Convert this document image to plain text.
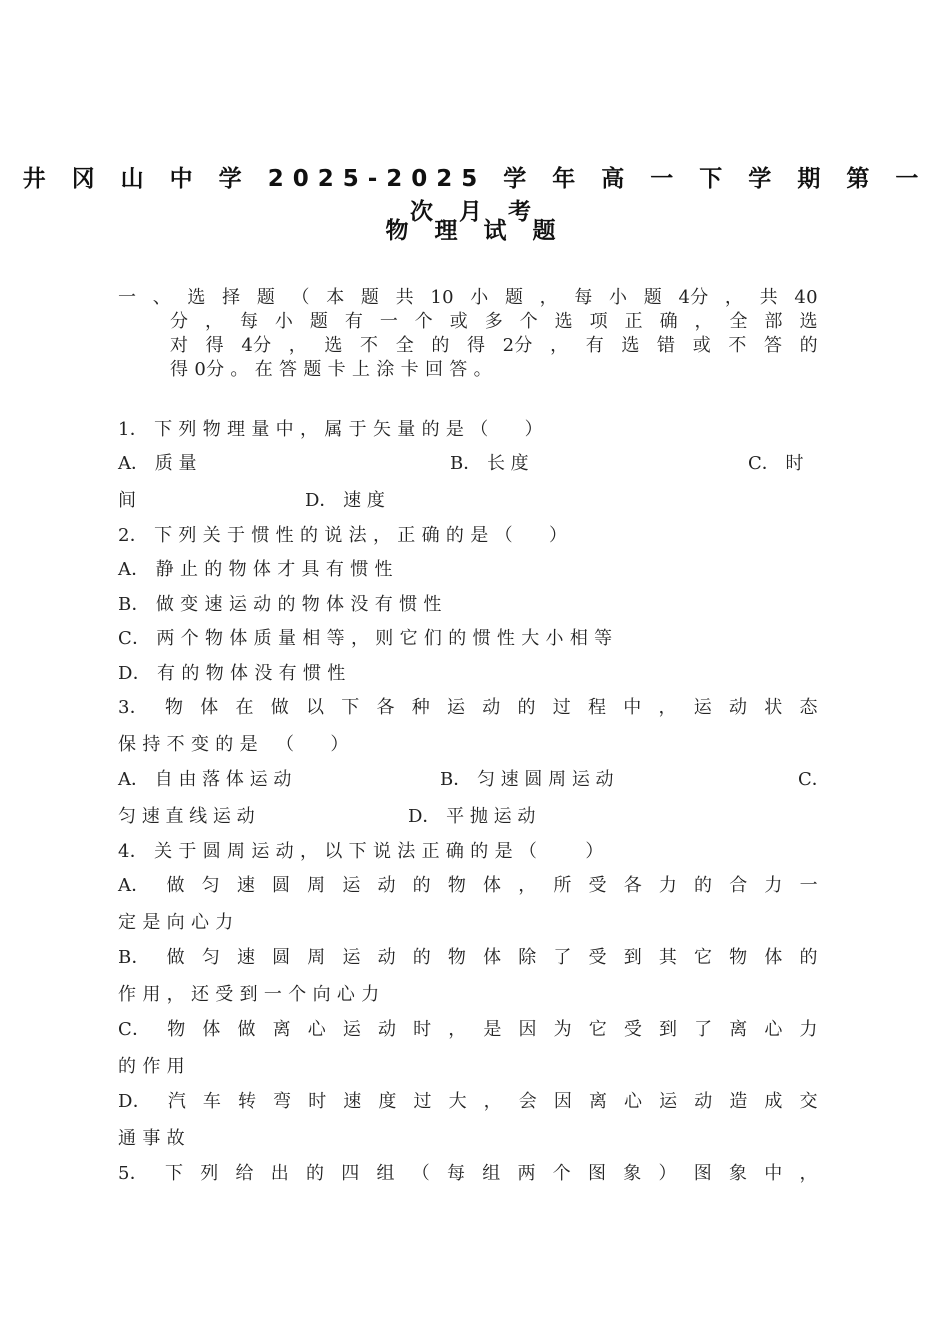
井 冈 山 中 学 2025-2025 学 年 高 一 下 学 期 第 一 次 月 考
物 理 试 题
一 、 选 择 题 （ 本 题 共 10 小 题 ， 每 小 题 4分 ， 共 40
分 ， 每 小 题 有 一 个 或 多 个 选 项 正 确 ， 全 部 选
对 得 4分 ， 选 不 全 的 得 2分 ， 有 选 错 或 不 答 的
得 0分 。 在 答 题 卡 上 涂 卡 回 答 。
1． 下 列 物 理 量 中 ， 属 于 矢 量 的 是 （      ）
A． 质 量	B． 长 度	C． 时
间	D． 速 度
2． 下 列 关 于 惯 性 的 说 法 ， 正 确 的 是 （      ）
A． 静 止 的 物 体 才 具 有 惯 性
B． 做 变 速 运 动 的 物 体 没 有 惯 性
C． 两 个 物 体 质 量 相 等 ， 则 它 们 的 惯 性 大 小 相 等
D． 有 的 物 体 没 有 惯 性
3． 物 体 在 做 以 下 各 种 运 动 的 过 程 中 ， 运 动 状 态
保 持 不 变 的 是   （      ）
A． 自 由 落 体 运 动	B． 匀 速 圆 周 运 动	C．
匀 速 直 线 运 动	D． 平 抛 运 动
4． 关 于 圆 周 运 动 ， 以 下 说 法 正 确 的 是 （        ）
A． 做 匀 速 圆 周 运 动 的 物 体 ， 所 受 各 力 的 合 力 一
定 是 向 心 力
B． 做 匀 速 圆 周 运 动 的 物 体 除 了 受 到 其 它 物 体 的
作 用 ， 还 受 到 一 个 向 心 力
C． 物 体 做 离 心 运 动 时 ， 是 因 为 它 受 到 了 离 心 力
的 作 用
D． 汽 车 转 弯 时 速 度 过 大 ， 会 因 离 心 运 动 造 成 交
通 事 故
5． 下 列 给 出 的 四 组 （ 每 组 两 个 图 象 ） 图 象 中 ，
